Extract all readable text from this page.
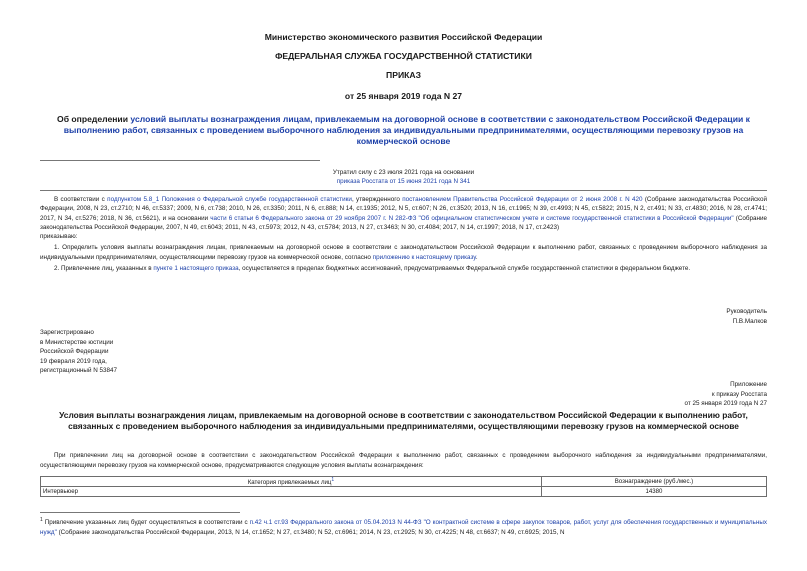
Министерство экономического развития Российской Федерации
ФЕДЕРАЛЬНАЯ СЛУЖБА ГОСУДАРСТВЕННОЙ СТАТИСТИКИ
ПРИКАЗ
от 25 января 2019 года N 27
Об определении условий выплаты вознаграждения лицам, привлекаемым на договорной основе в соответствии с законодательством Российской Федерации к выполнению работ, связанных с проведением выборочного наблюдения за индивидуальными предпринимателями, осуществляющими перевозку грузов на коммерческой основе
Утратил силу с 23 июля 2021 года на основании
приказа Росстата от 15 июня 2021 года N 341

В соответствии с подпунктом 5.8_1 Положения о Федеральной службе государственной статистики, утвержденного постановлением Правительства Российской Федерации от 2 июня 2008 г. N 420 (Собрание законодательства Российской Федерации, 2008, N 23, ст.2710; N 46, ст.5337; 2009, N 6, ст.738; 2010, N 26, ст.3350; 2011, N 6, ст.888; N 14, ст.1935; 2012, N 5, ст.607; N 26, ст.3520; 2013, N 16, ст.1965; N 39, ст.4993; N 45, ст.5822; 2015, N 2, ст.491; N 33, ст.4830; 2016, N 28, ст.4741; 2017, N 34, ст.5276; 2018, N 36, ст.5621), и на основании части 6 статьи 6 Федерального закона от 29 ноября 2007 г. N 282-ФЗ "Об официальном статистическом учете и системе государственной статистики в Российской Федерации" (Собрание законодательства Российской Федерации, 2007, N 49, ст.6043; 2011, N 43, ст.5973; 2012, N 43, ст.5784; 2013, N 27, ст.3463; N 30, ст.4084; 2017, N 14, ст.1997; 2018, N 17, ст.2423)

приказываю:

1. Определить условия выплаты вознаграждения лицам, привлекаемым на договорной основе в соответствии с законодательством Российской Федерации к выполнению работ, связанных с проведением выборочного наблюдения за индивидуальными предпринимателями, осуществляющими перевозку грузов на коммерческой основе, согласно приложению к настоящему приказу.

2. Привлечение лиц, указанных в пункте 1 настоящего приказа, осуществляется в пределах бюджетных ассигнований, предусматриваемых Федеральной службе государственной статистики в федеральном бюджете.

Руководитель
П.В.Малков
Зарегистрировано
в Министерстве юстиции
Российской Федерации
19 февраля 2019 года,
регистрационный N 53847
Приложение
к приказу Росстата
от 25 января 2019 года N 27
Условия выплаты вознаграждения лицам, привлекаемым на договорной основе в соответствии с законодательством Российской Федерации к выполнению работ, связанных с проведением выборочного наблюдения за индивидуальными предпринимателями, осуществляющими перевозку грузов на коммерческой основе
При привлечении лиц на договорной основе в соответствии с законодательством Российской Федерации к выполнению работ, связанных с проведением выборочного наблюдения за индивидуальными предпринимателями, осуществляющими перевозку грузов на коммерческой основе, предусматриваются следующие условия выплаты вознаграждения:
Категория привлекаемых лиц$^1$	Вознаграждение (руб./мес.)
Интервьюер	14380
$^1$ Привлечение указанных лиц будет осуществляться в соответствии с п.42 ч.1 ст.93 Федерального закона от 05.04.2013 N 44-ФЗ "О контрактной системе в сфере закупок товаров, работ, услуг для обеспечения государственных и муниципальных нужд" (Собрание законодательства Российской Федерации, 2013, N 14, ст.1652; N 27, ст.3480; N 52, ст.6961; 2014, N 23, ст.2925; N 30, ст.4225; N 48, ст.6637; N 49, ст.6925; 2015, N
